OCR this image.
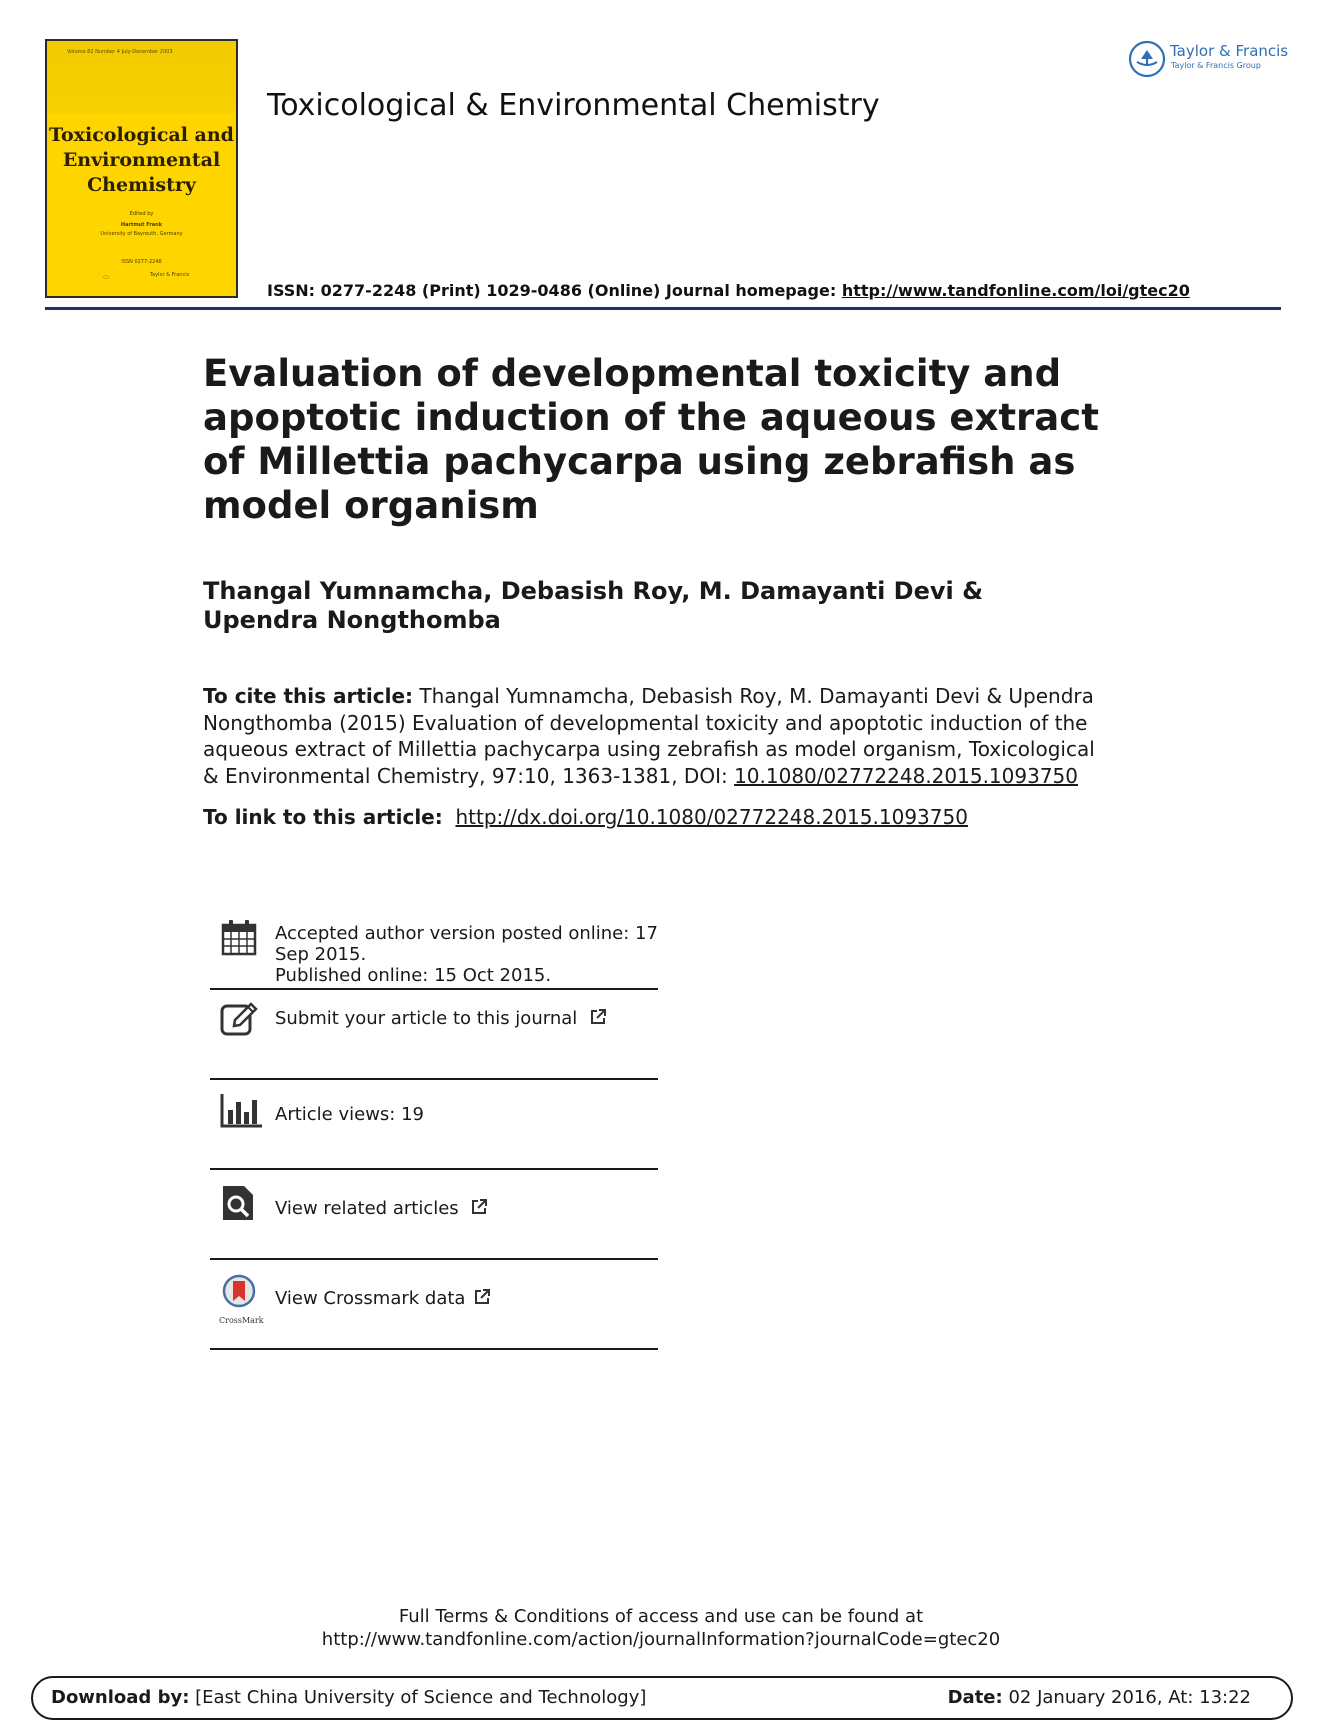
Volume 82 Number 4 July-December 2003
Toxicological and
Environmental
Chemistry
Edited by
Hartmut Frank
University of Bayreuth, Germany
ISSN 0277-2248
Taylor & Francis
Toxicological & Environmental Chemistry
Taylor & Francis
Taylor & Francis Group
ISSN: 0277-2248 (Print) 1029-0486 (Online) Journal homepage: http://www.tandfonline.com/loi/gtec20
Evaluation of developmental toxicity and apoptotic induction of the aqueous extract of Millettia pachycarpa using zebrafish as model organism
Thangal Yumnamcha, Debasish Roy, M. Damayanti Devi & Upendra Nongthomba
To cite this article: Thangal Yumnamcha, Debasish Roy, M. Damayanti Devi & Upendra Nongthomba (2015) Evaluation of developmental toxicity and apoptotic induction of the aqueous extract of Millettia pachycarpa using zebrafish as model organism, Toxicological & Environmental Chemistry, 97:10, 1363-1381, DOI: 10.1080/02772248.2015.1093750
To link to this article: http://dx.doi.org/10.1080/02772248.2015.1093750
Accepted author version posted online: 17
Sep 2015.
Published online: 15 Oct 2015.
Submit your article to this journal
Article views: 19
View related articles
CrossMark
View Crossmark data
Full Terms & Conditions of access and use can be found at
http://www.tandfonline.com/action/journalInformation?journalCode=gtec20
Download by: [East China University of Science and Technology]	Date: 02 January 2016, At: 13:22
